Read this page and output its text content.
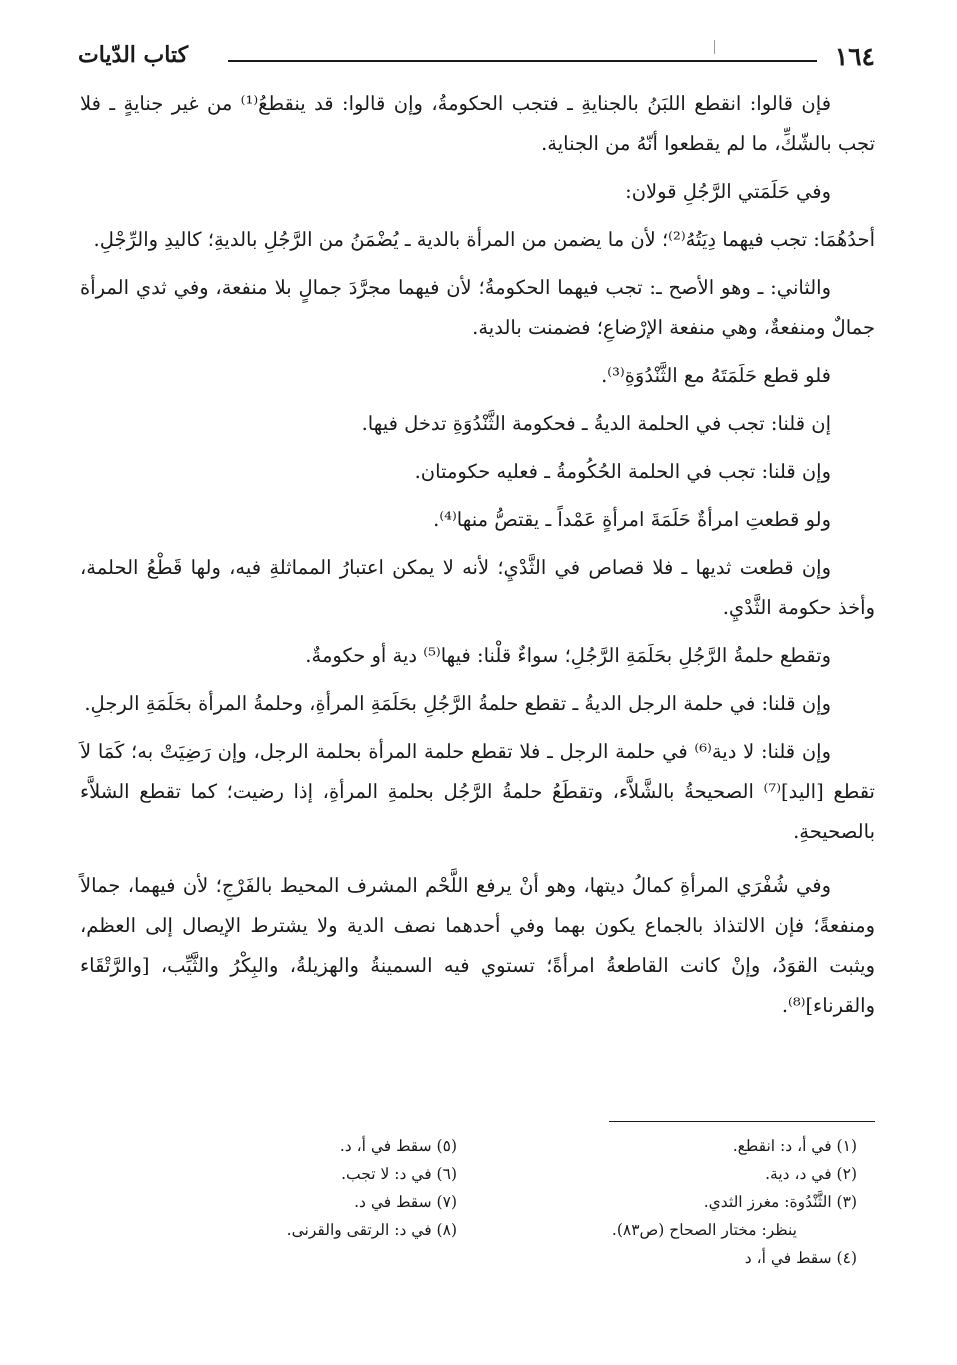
١٦٤
كتاب الدّيات

فإن قالوا: انقطع اللبَنُ بالجنايةِ ـ فتجب الحكومةُ، وإن قالوا: قد ينقطعُ⁽¹⁾ من غير جنايةٍ ـ فلا تجب بالشّكِّ، ما لم يقطعوا أنّهُ من الجناية.

وفي حَلَمَتي الرَّجُلِ قولان:

أحدُهُمَا: تجب فيهما دِيَتُهُ⁽²⁾؛ لأن ما يضمن من المرأة بالدية ـ يُضْمَنُ من الرَّجُلِ بالديةِ؛ كاليدِ والرِّجْلِ.

والثاني: ـ وهو الأصح ـ: تجب فيهما الحكومةُ؛ لأن فيهما مجرَّدَ جمالٍ بلا منفعة، وفي ثدي المرأة جمالٌ ومنفعةٌ، وهي منفعة الإرْضاعِ؛ فضمنت بالدية.

فلو قطع حَلَمَتَهُ مع الثَّنْدُوَةِ⁽³⁾.

إن قلنا: تجب في الحلمة الديةُ ـ فحكومة الثَّنْدُوَةِ تدخل فيها.

وإن قلنا: تجب في الحلمة الحُكُومةُ ـ فعليه حكومتان.

ولو قطعتِ امرأةٌ حَلَمَةَ امرأةٍ عَمْداً ـ يقتصُّ منها⁽⁴⁾.

وإن قطعت ثديها ـ فلا قصاص في الثَّدْيِ؛ لأنه لا يمكن اعتبارُ المماثلةِ فيه، ولها قَطْعُ الحلمة، وأخذ حكومة الثَّدْيِ.

وتقطع حلمةُ الرَّجُلِ بحَلَمَةِ الرَّجُلِ؛ سواءٌ قلْنا: فيها⁽⁵⁾ دية أو حكومةٌ.

وإن قلنا: في حلمة الرجل الديةُ ـ تقطع حلمةُ الرَّجُلِ بحَلَمَةِ المرأةِ، وحلمةُ المرأة بحَلَمَةِ الرجلِ.

وإن قلنا: لا دية⁽⁶⁾ في حلمة الرجل ـ فلا تقطع حلمة المرأة بحلمة الرجل، وإن رَضِيَتْ به؛ كَمَا لاَ تقطع [اليد]⁽⁷⁾ الصحيحةُ بالشَّلاَّء، وتقطَعُ حلمةُ الرَّجُل بحلمةِ المرأةِ، إذا رضيت؛ كما تقطع الشلاَّء بالصحيحةِ.

وفي شُفْرَي المرأةِ كمالُ ديتها، وهو أنْ يرفع اللَّحْم المشرف المحيط بالفَرْجِ؛ لأن فيهما، جمالاً ومنفعةً؛ فإن الالتذاذ بالجماع يكون بهما وفي أحدهما نصف الدية ولا يشترط الإيصال إلى العظم، ويثبت القوَدُ، وإنْ كانت القاطعةُ امرأةً؛ تستوي فيه السمينةُ والهزيلةُ، والبِكْرُ والثَّيِّب، [والرَّتْقَاء والقرناء]⁽⁸⁾.

(١) في أ، د: انقطع.
(٢) في د، دية.
(٣) الثَّنْدُوة: مغرز الثدي.
ينظر: مختار الصحاح (ص٨٣).
(٤) سقط في أ، د
(٥) سقط في أ، د.
(٦) في د: لا تجب.
(٧) سقط في د.
(٨) في د: الرتقى والقرنى.
